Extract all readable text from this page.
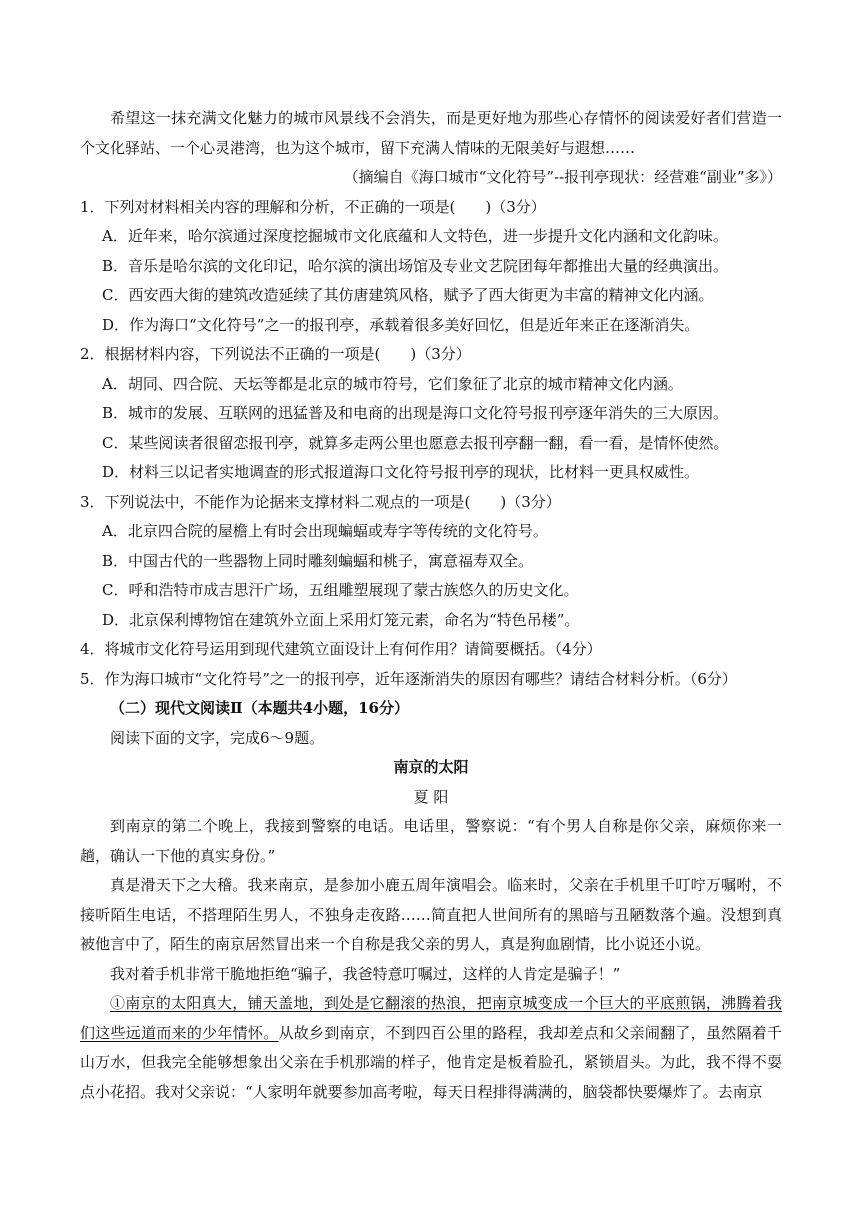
希望这一抹充满文化魅力的城市风景线不会消失，而是更好地为那些心存情怀的阅读爱好者们营造一个文化驿站、一个心灵港湾，也为这个城市，留下充满人情味的无限美好与遐想……

（摘编自《海口城市“文化符号”--报刊亭现状：经营难“副业”多》）

1．下列对材料相关内容的理解和分析，不正确的一项是(　　)（3分）

A．近年来，哈尔滨通过深度挖掘城市文化底蕴和人文特色，进一步提升文化内涵和文化韵味。

B．音乐是哈尔滨的文化印记，哈尔滨的演出场馆及专业文艺院团每年都推出大量的经典演出。

C．西安西大街的建筑改造延续了其仿唐建筑风格，赋予了西大街更为丰富的精神文化内涵。

D．作为海口“文化符号”之一的报刊亭，承载着很多美好回忆，但是近年来正在逐渐消失。

2．根据材料内容，下列说法不正确的一项是(　　)（3分）

A．胡同、四合院、天坛等都是北京的城市符号，它们象征了北京的城市精神文化内涵。

B．城市的发展、互联网的迅猛普及和电商的出现是海口文化符号报刊亭逐年消失的三大原因。

C．某些阅读者很留恋报刊亭，就算多走两公里也愿意去报刊亭翻一翻，看一看，是情怀使然。

D．材料三以记者实地调查的形式报道海口文化符号报刊亭的现状，比材料一更具权威性。

3．下列说法中，不能作为论据来支撑材料二观点的一项是(　　)（3分）

A．北京四合院的屋檐上有时会出现蝙蝠或寿字等传统的文化符号。

B．中国古代的一些器物上同时雕刻蝙蝠和桃子，寓意福寿双全。

C．呼和浩特市成吉思汗广场，五组雕塑展现了蒙古族悠久的历史文化。

D．北京保利博物馆在建筑外立面上采用灯笼元素，命名为“特色吊楼”。

4．将城市文化符号运用到现代建筑立面设计上有何作用？请简要概括。（4分）

5．作为海口城市“文化符号”之一的报刊亭，近年逐渐消失的原因有哪些？请结合材料分析。（6分）

（二）现代文阅读Ⅱ（本题共4小题，16分）

阅读下面的文字，完成6～9题。

南京的太阳

夏 阳

到南京的第二个晚上，我接到警察的电话。电话里，警察说：“有个男人自称是你父亲，麻烦你来一趟，确认一下他的真实身份。”

真是滑天下之大稽。我来南京，是参加小鹿五周年演唱会。临来时，父亲在手机里千叮咛万嘱咐，不接听陌生电话，不搭理陌生男人，不独身走夜路……简直把人世间所有的黑暗与丑陋数落个遍。没想到真被他言中了，陌生的南京居然冒出来一个自称是我父亲的男人，真是狗血剧情，比小说还小说。

我对着手机非常干脆地拒绝“骗子，我爸特意叮嘱过，这样的人肯定是骗子！”

①南京的太阳真大，铺天盖地，到处是它翻滚的热浪，把南京城变成一个巨大的平底煎锅，沸腾着我们这些远道而来的少年情怀。从故乡到南京，不到四百公里的路程，我却差点和父亲闹翻了，虽然隔着千山万水，但我完全能够想象出父亲在手机那端的样子，他肯定是板着脸孔，紧锁眉头。为此，我不得不耍点小花招。我对父亲说：“人家明年就要参加高考啦，每天日程排得满满的，脑袋都快要爆炸了。去南京
